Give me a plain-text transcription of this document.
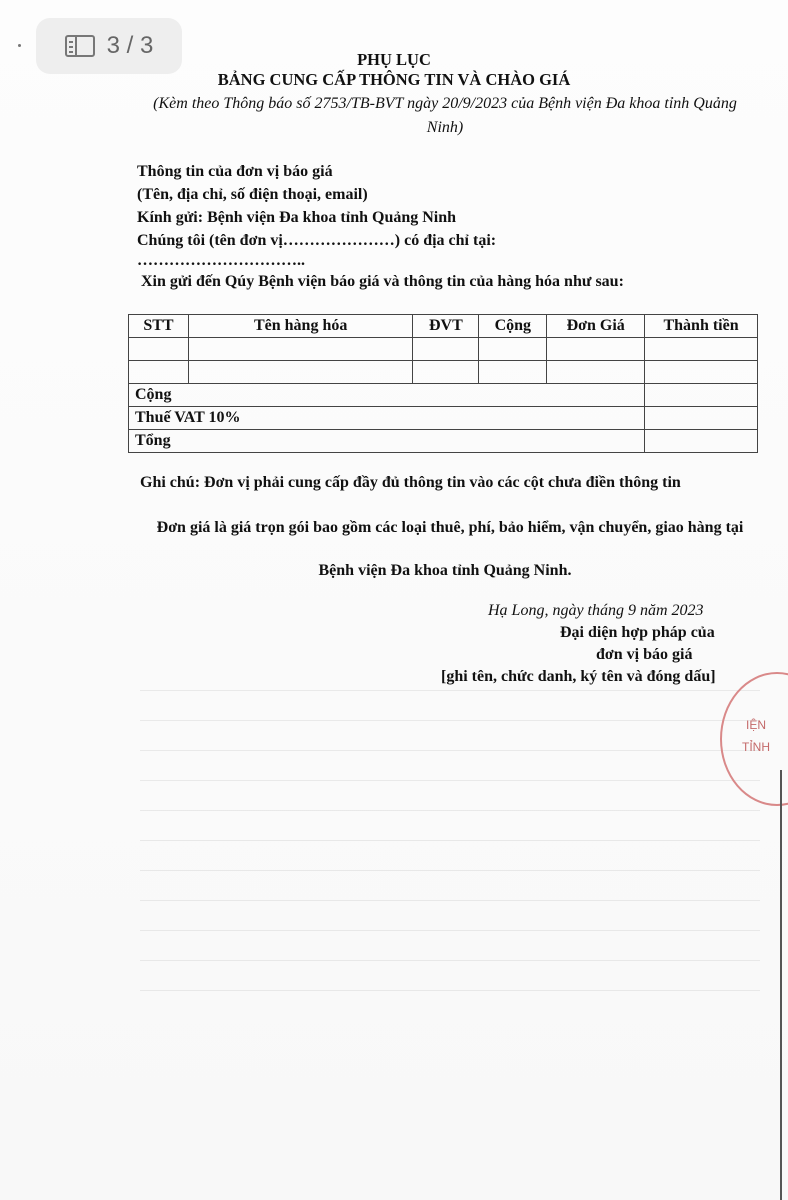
3 / 3
PHỤ LỤC
BẢNG CUNG CẤP THÔNG TIN VÀ CHÀO GIÁ
(Kèm theo Thông báo số 2753/TB-BVT ngày 20/9/2023 của Bệnh viện Đa khoa tỉnh Quảng Ninh)
Thông tin của đơn vị báo giá
(Tên, địa chỉ, số điện thoại, email)
Kính gửi: Bệnh viện Đa khoa tỉnh Quảng Ninh
Chúng tôi (tên đơn vị…………………) có địa chỉ tại:
…………………………..
Xin gửi đến Qúy Bệnh viện báo giá và thông tin của hàng hóa như sau:
STT	Tên hàng hóa	ĐVT	Cộng	Đơn Giá	Thành tiền

Cộng					
Thuế VAT 10%					
Tổng					
Ghi chú: Đơn vị phải cung cấp đầy đủ thông tin vào các cột chưa điền thông tin
Đơn giá là giá trọn gói bao gồm các loại thuê, phí, bảo hiểm, vận chuyển, giao hàng tại
Bệnh viện Đa khoa tỉnh Quảng Ninh.
Hạ Long, ngày tháng 9 năm 2023
Đại diện hợp pháp của
đơn vị báo giá
[ghi tên, chức danh, ký tên và đóng dấu]
IỆN
TỈNH
